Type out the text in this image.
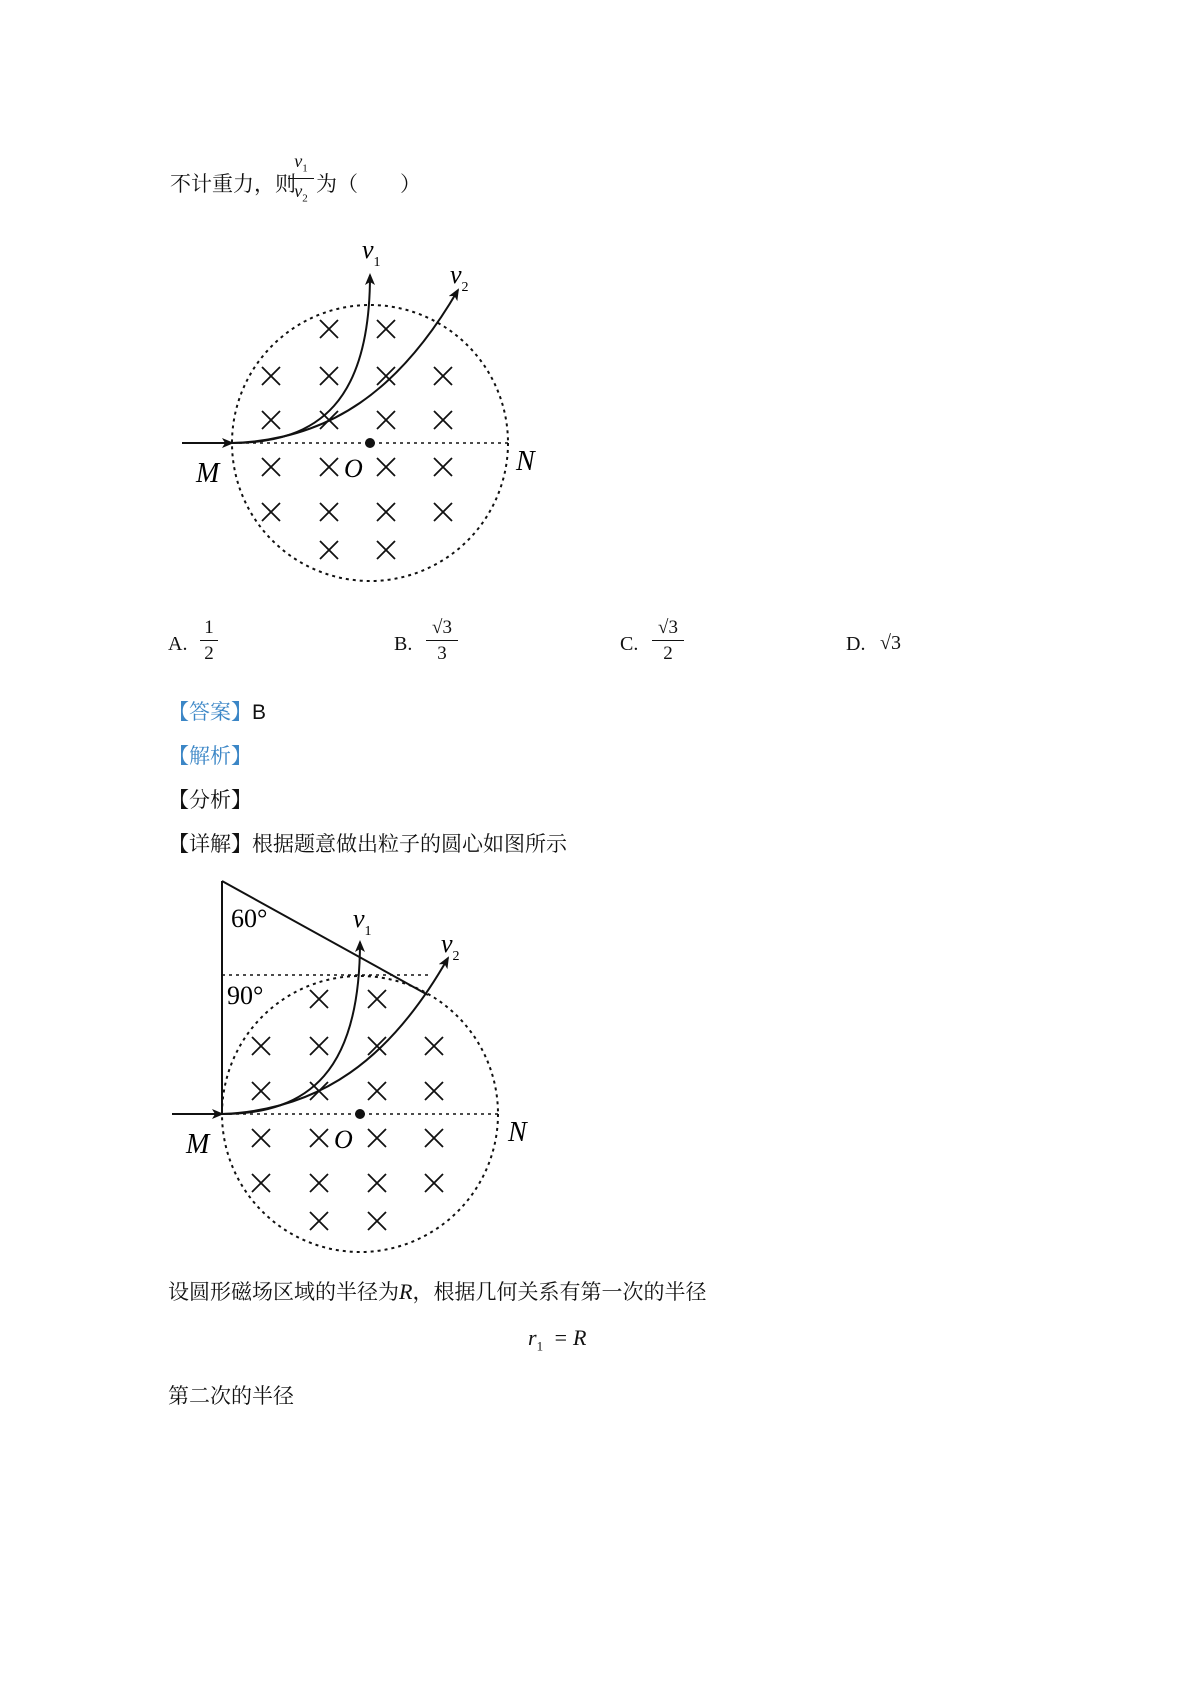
不计重力，则
$v_1$
$v_2$
为（　　）
$v_1$	$v_2$
M	O	N
A.
1
2	B.
√3
3	C.
√3
2	D. √3
【答案】B
【解析】
【分析】
【详解】根据题意做出粒子的圆心如图所示
60°
90°
$v_1$	$v_2$
M	O	N
设圆形磁场区域的半径为R，根据几何关系有第一次的半径
$r_1 = R$
第二次的半径
